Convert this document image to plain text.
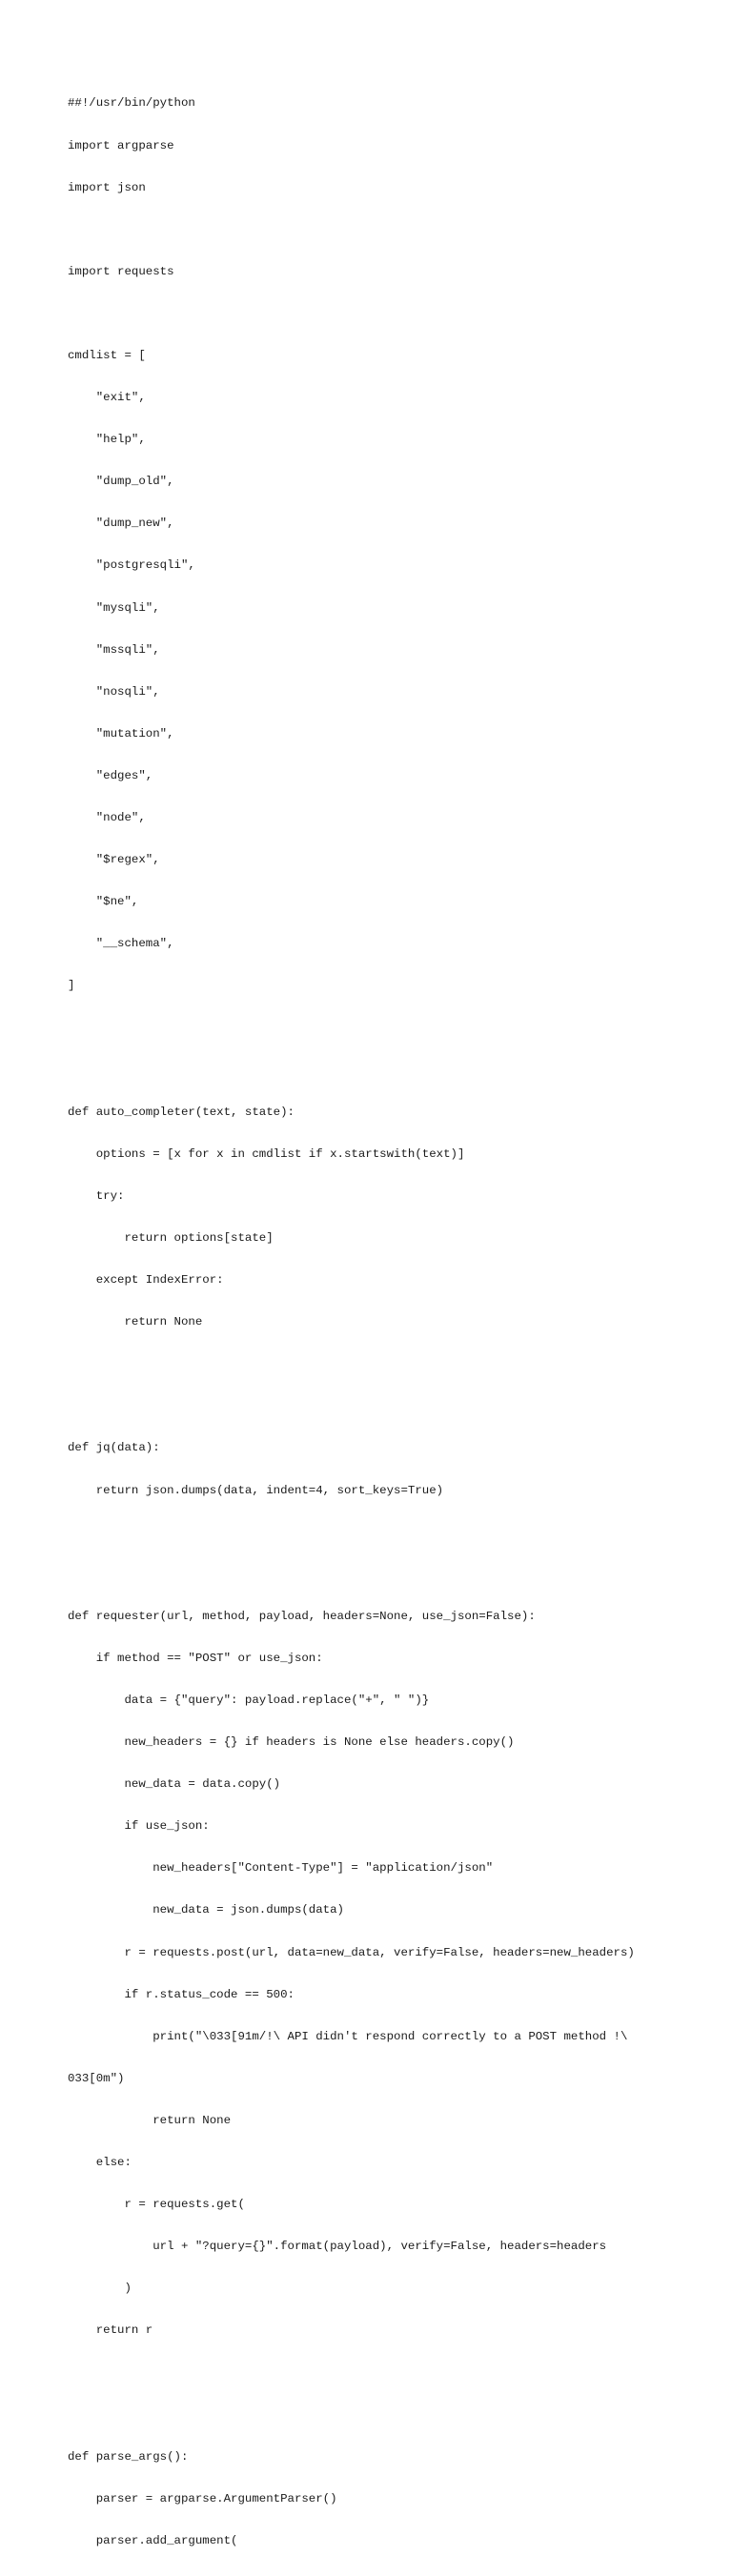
##!/usr/bin/python

import argparse

import json

import requests

cmdlist = [

"exit",

"help",

"dump_old",

"dump_new",

"postgresqli",

"mysqli",

"mssqli",

"nosqli",

"mutation",

"edges",

"node",

"$regex",

"$ne",

"__schema",

]

def auto_completer(text, state):

options = [x for x in cmdlist if x.startswith(text)]

try:

return options[state]

except IndexError:

return None

def jq(data):

return json.dumps(data, indent=4, sort_keys=True)

def requester(url, method, payload, headers=None, use_json=False):

if method == "POST" or use_json:

data = {"query": payload.replace("+", " ")}

new_headers = {} if headers is None else headers.copy()

new_data = data.copy()

if use_json:

new_headers["Content-Type"] = "application/json"

new_data = json.dumps(data)

r = requests.post(url, data=new_data, verify=False, headers=new_headers)

if r.status_code == 500:

print("\033[91m/!\ API didn't respond correctly to a POST method !\

033[0m")

return None

else:

r = requests.get(

url + "?query={}".format(payload), verify=False, headers=headers

)

return r

def parse_args():

parser = argparse.ArgumentParser()

parser.add_argument(
